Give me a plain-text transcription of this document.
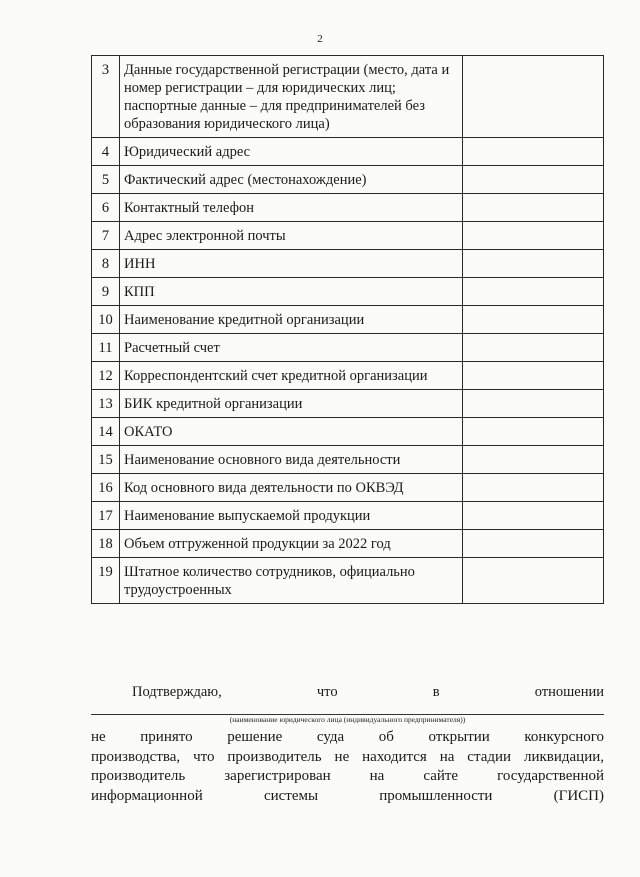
2
3	Данные государственной регистрации (место, дата и номер регистрации – для юридических лиц;
паспортные данные – для предпринимателей без образования юридического лица)	
4	Юридический адрес	
5	Фактический адрес (местонахождение)	
6	Контактный телефон	
7	Адрес электронной почты	
8	ИНН	
9	КПП	
10	Наименование кредитной организации	
11	Расчетный счет	
12	Корреспондентский счет кредитной организации	
13	БИК кредитной организации	
14	ОКАТО	
15	Наименование основного вида деятельности	
16	Код основного вида деятельности по ОКВЭД	
17	Наименование выпускаемой продукции	
18	Объем отгруженной продукции за 2022 год	
19	Штатное количество сотрудников, официально трудоустроенных	
Подтверждаю,	что	в	отношении
(наименование юридического лица (индивидуального предпринимателя))
не принято решение суда об открытии конкурсного
производства, что производитель не находится на стадии ликвидации,
производитель зарегистрирован на сайте государственной
информационной системы промышленности (ГИСП)
